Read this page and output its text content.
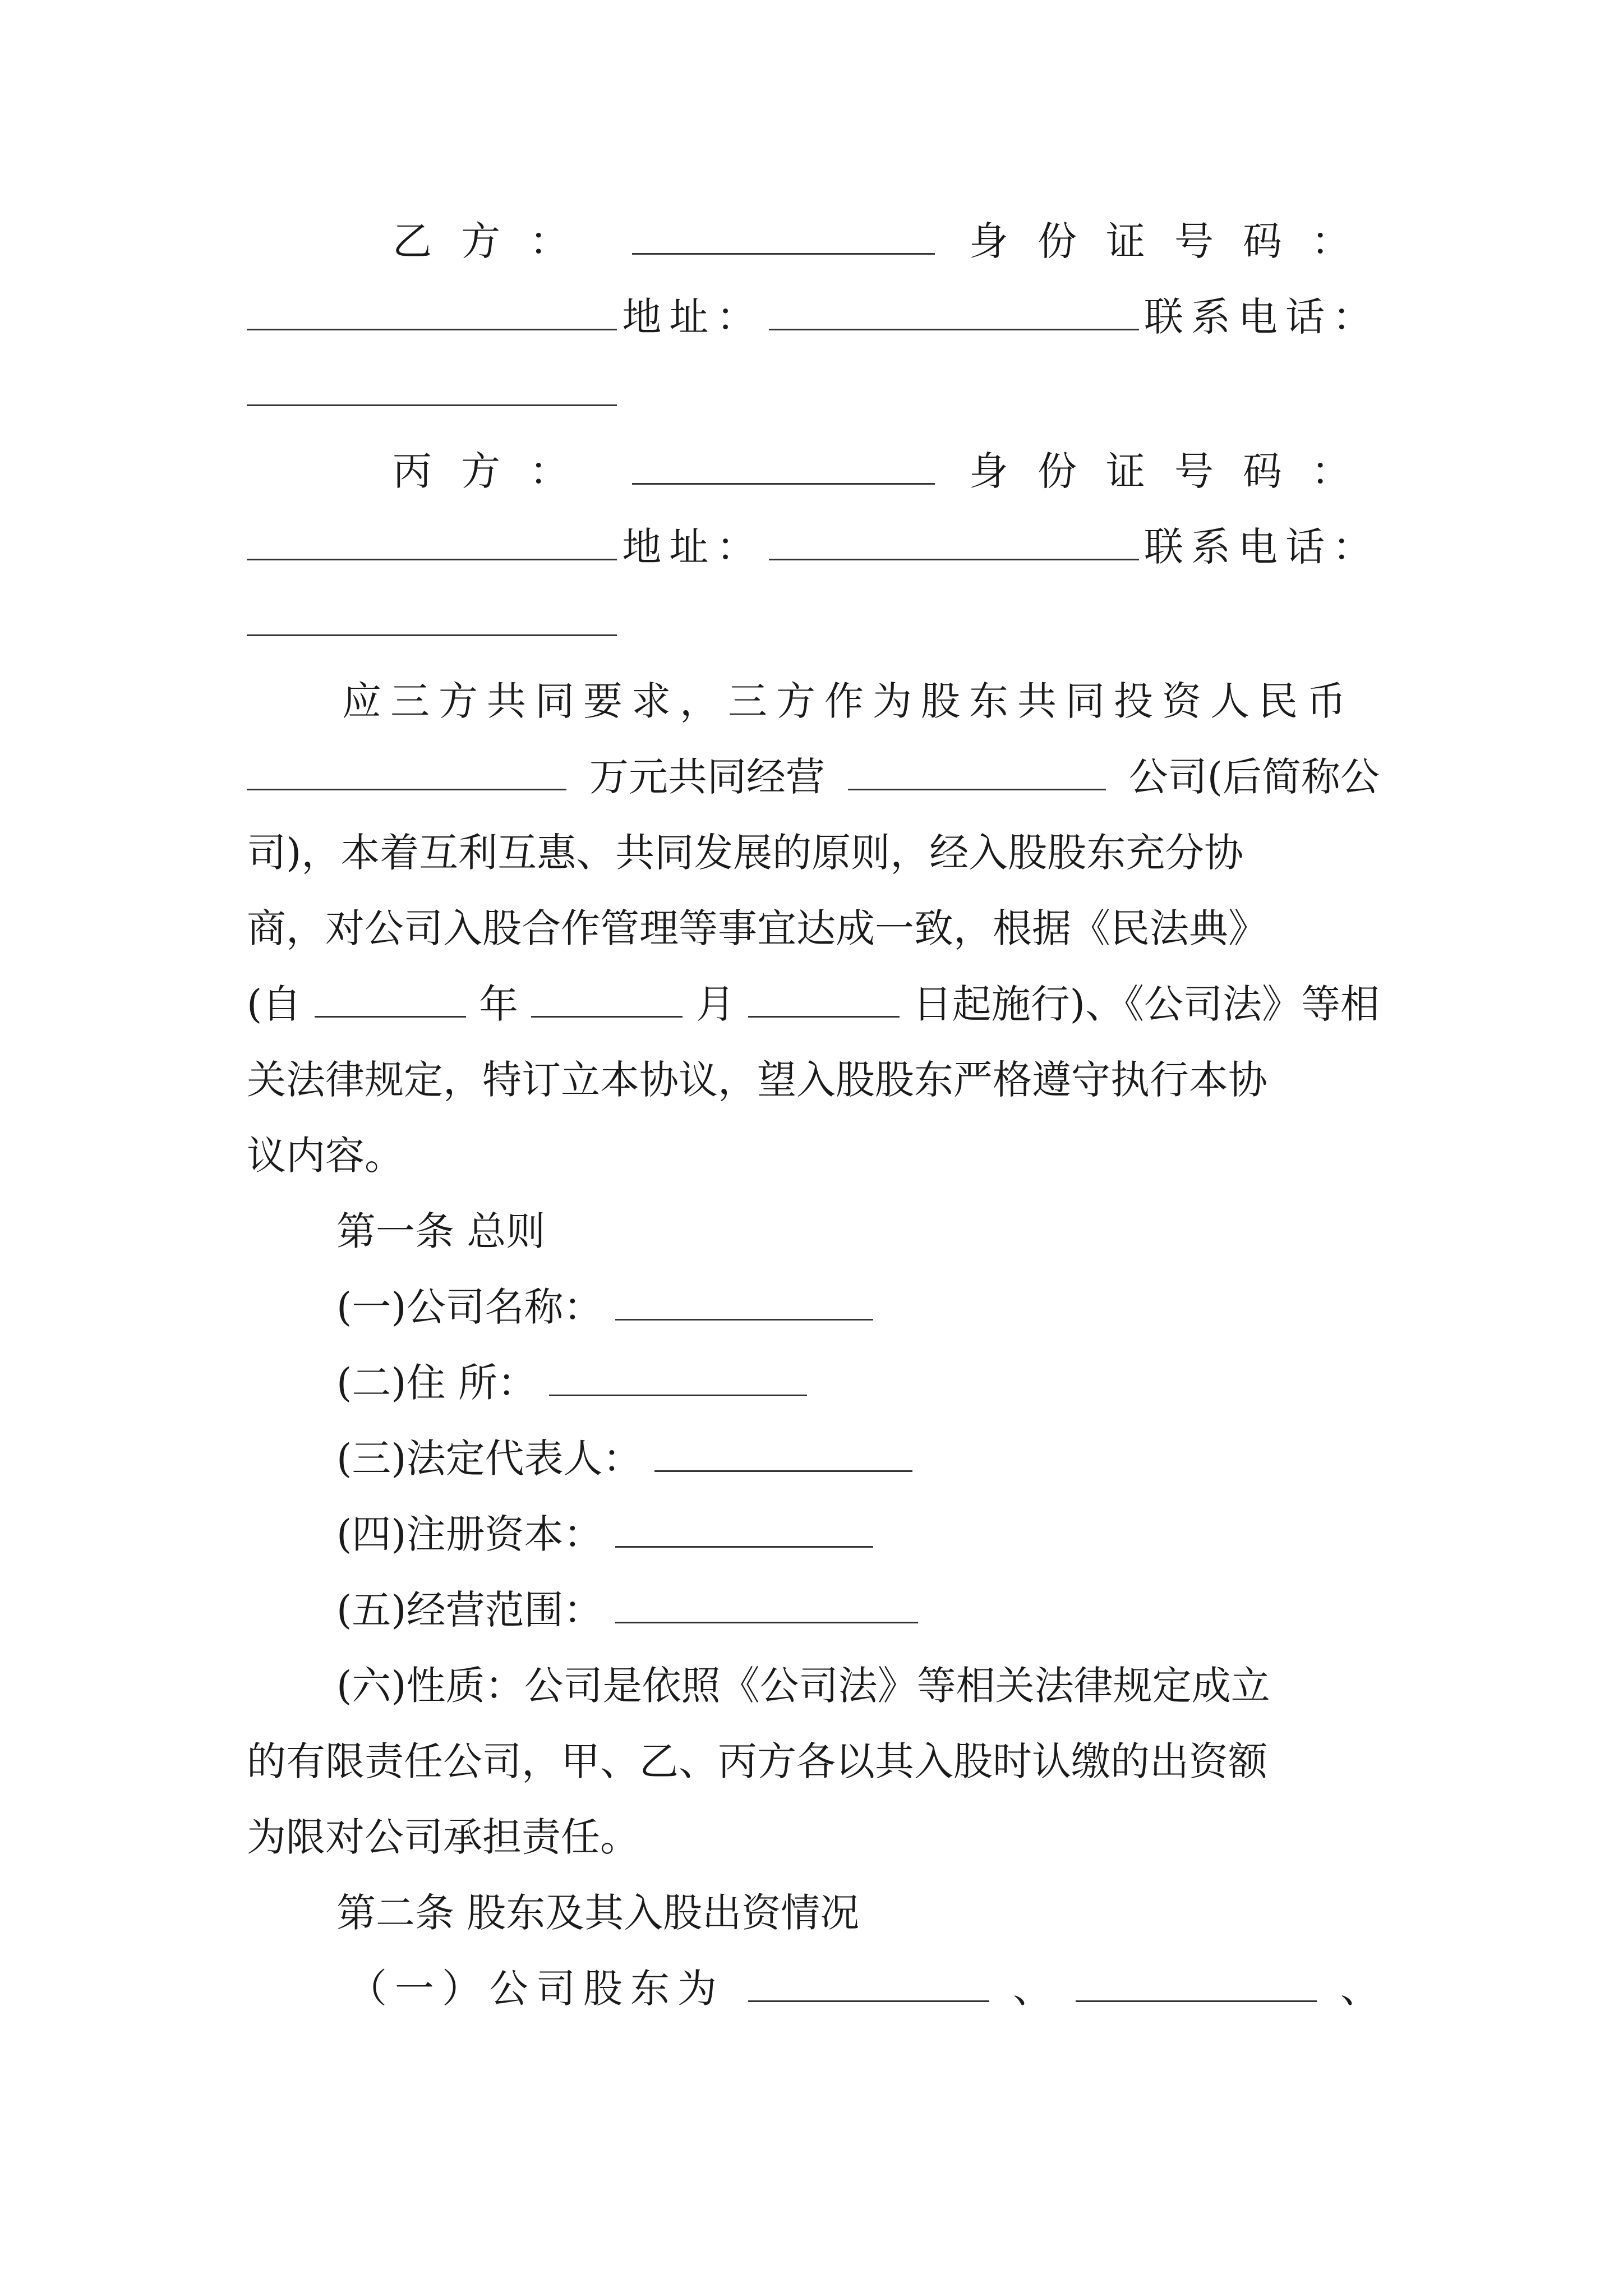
乙方：	身份证号码：
地址：	联系电话：
丙方：	身份证号码：
地址：	联系电话：
应三方共同要求，三方作为股东共同投资人民币
万元共同经营	公司(后简称公
司)，本着互利互惠、共同发展的原则，经入股股东充分协
商，对公司入股合作管理等事宜达成一致，根据《民法典》
(自	年	月	日起施行)、《公司法》等相
关法律规定，特订立本协议，望入股股东严格遵守执行本协
议内容。
第一条 总则
(一)公司名称：
(二)住 所：
(三)法定代表人：
(四)注册资本：
(五)经营范围：
(六)性质：公司是依照《公司法》等相关法律规定成立
的有限责任公司，甲、乙、丙方各以其入股时认缴的出资额
为限对公司承担责任。
第二条 股东及其入股出资情况
（一）公司股东为	、	、
